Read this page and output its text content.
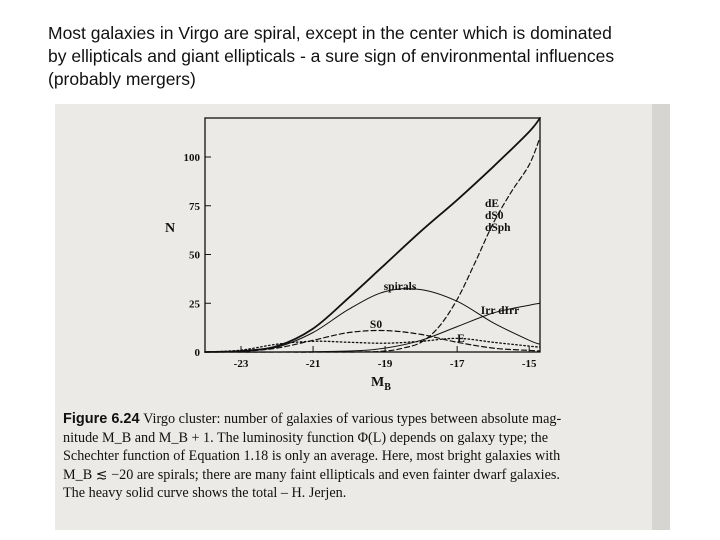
Most galaxies in Virgo are spiral, except in the center which is dominated
by ellipticals and giant ellipticals - a sure sign of environmental influences
(probably mergers)
0
25
50
75
100
-23	-21	-19	-17	-15
N
$M_B$
spirals
S0
E
Irr dIrr
dE
dS0
dSph
Figure 6.24 Virgo cluster: number of galaxies of various types between absolute mag-
nitude M_B and M_B + 1. The luminosity function Φ(L) depends on galaxy type; the
Schechter function of Equation 1.18 is only an average. Here, most bright galaxies with
M_B ≲ −20 are spirals; there are many faint ellipticals and even fainter dwarf galaxies.
The heavy solid curve shows the total – H. Jerjen.
